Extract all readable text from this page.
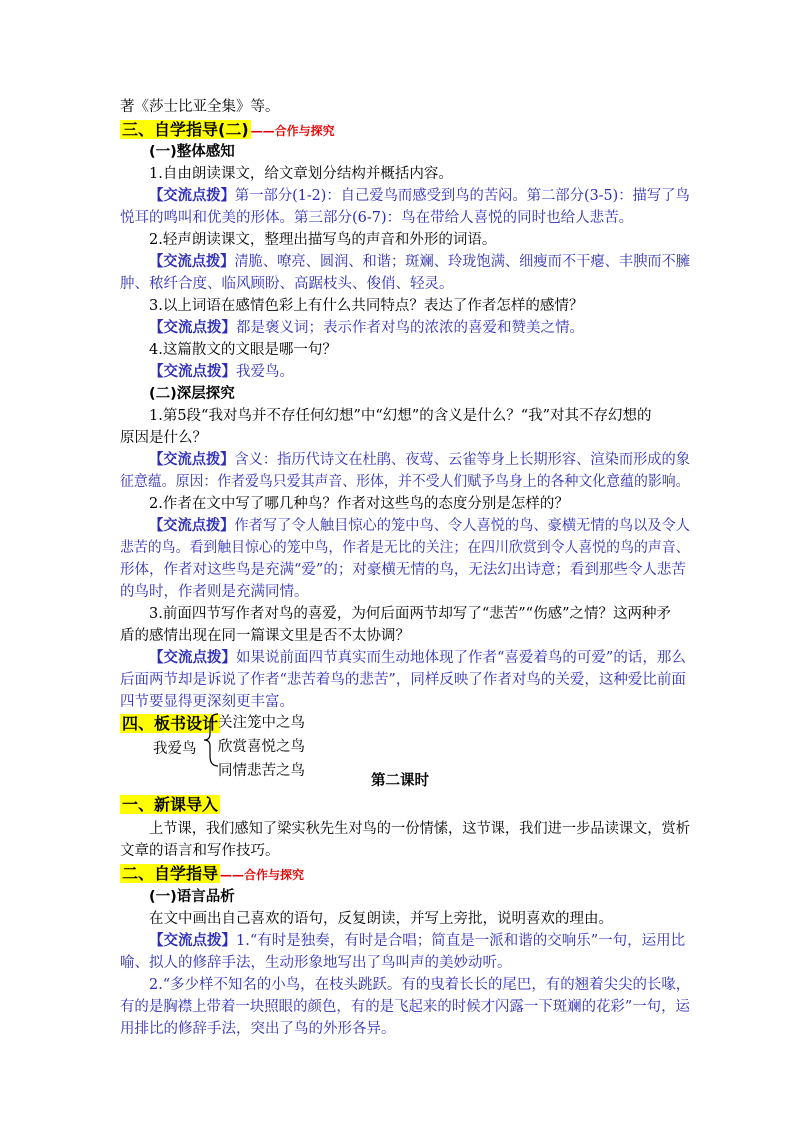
著《莎士比亚全集》等。
三、自学指导(二) ——合作与探究
(一)整体感知
1.自由朗读课文，给文章划分结构并概括内容。
【交流点拨】第一部分(1-2)：自己爱鸟而感受到鸟的苦闷。第二部分(3-5)：描写了鸟
悦耳的鸣叫和优美的形体。第三部分(6-7)：鸟在带给人喜悦的同时也给人悲苦。
2.轻声朗读课文，整理出描写鸟的声音和外形的词语。
【交流点拨】清脆、嘹亮、圆润、和谐；斑斓、玲珑饱满、细瘦而不干瘪、丰腴而不臃
肿、秾纤合度、临风顾盼、高踞枝头、俊俏、轻灵。
3.以上词语在感情色彩上有什么共同特点？表达了作者怎样的感情？
【交流点拨】都是褒义词；表示作者对鸟的浓浓的喜爱和赞美之情。
4.这篇散文的文眼是哪一句？
【交流点拨】我爱鸟。
(二)深层探究
1.第5段“我对鸟并不存任何幻想”中“幻想”的含义是什么？“我”对其不存幻想的
原因是什么？
【交流点拨】含义：指历代诗文在杜鹃、夜莺、云雀等身上长期形容、渲染而形成的象
征意蕴。原因：作者爱鸟只爱其声音、形体，并不受人们赋予鸟身上的各种文化意蕴的影响。
2.作者在文中写了哪几种鸟？作者对这些鸟的态度分别是怎样的？
【交流点拨】作者写了令人触目惊心的笼中鸟、令人喜悦的鸟、豪横无情的鸟以及令人
悲苦的鸟。看到触目惊心的笼中鸟，作者是无比的关注；在四川欣赏到令人喜悦的鸟的声音、
形体，作者对这些鸟是充满“爱”的；对豪横无情的鸟，无法幻出诗意；看到那些令人悲苦
的鸟时，作者则是充满同情。
3.前面四节写作者对鸟的喜爱，为何后面两节却写了“悲苦”“伤感”之情？这两种矛
盾的感情出现在同一篇课文里是否不太协调？
【交流点拨】如果说前面四节真实而生动地体现了作者“喜爱着鸟的可爱”的话，那么
后面两节却是诉说了作者“悲苦着鸟的悲苦”，同样反映了作者对鸟的关爱，这种爱比前面
四节要显得更深刻更丰富。
四、板书设计
我爱鸟
关注笼中之鸟
欣赏喜悦之鸟
同情悲苦之鸟
第二课时
一、新课导入
上节课，我们感知了梁实秋先生对鸟的一份情愫，这节课，我们进一步品读课文，赏析
文章的语言和写作技巧。
二、自学指导 ——合作与探究
(一)语言品析
在文中画出自己喜欢的语句，反复朗读，并写上旁批，说明喜欢的理由。
【交流点拨】1.“有时是独奏，有时是合唱；简直是一派和谐的交响乐”一句，运用比
喻、拟人的修辞手法，生动形象地写出了鸟叫声的美妙动听。
2.“多少样不知名的小鸟，在枝头跳跃。有的曳着长长的尾巴，有的翘着尖尖的长喙，
有的是胸襟上带着一块照眼的颜色，有的是飞起来的时候才闪露一下斑斓的花彩”一句，运
用排比的修辞手法，突出了鸟的外形各异。
